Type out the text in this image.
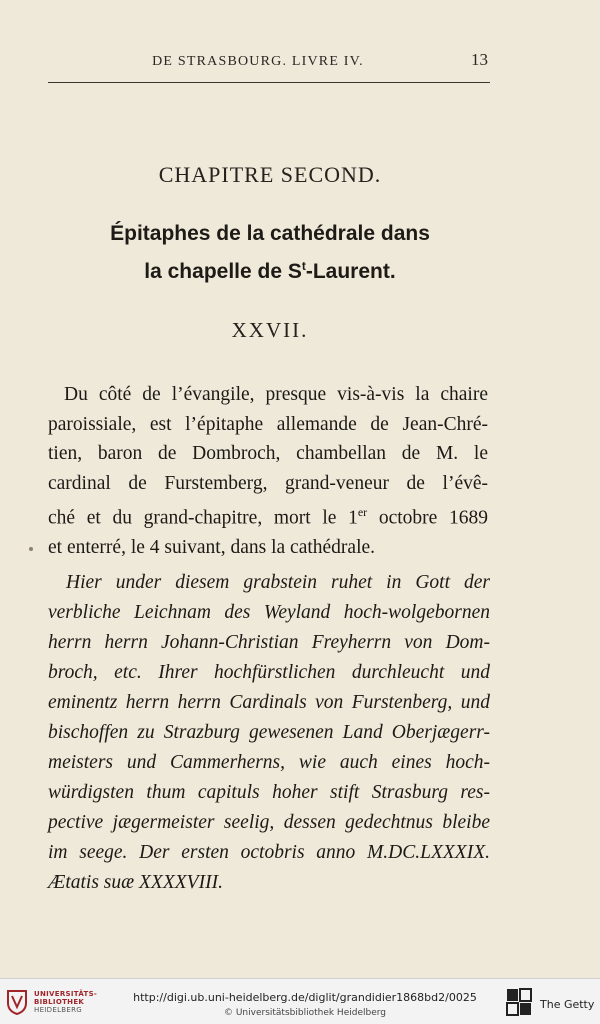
DE STRASBOURG. LIVRE IV.	13
CHAPITRE SECOND.
Épitaphes de la cathédrale dans
la chapelle de $S^t$-Laurent.
XXVII.
Du côté de l’évangile, presque vis-à-vis la chaire
paroissiale, est l’épitaphe allemande de Jean-Chré-
tien, baron de Dombroch, chambellan de M. le
cardinal de Furstemberg, grand-veneur de l’évê-
ché et du grand-chapitre, mort le 1er octobre 1689
et enterré, le 4 suivant, dans la cathédrale.
Hier under diesem grabstein ruhet in Gott der
verbliche Leichnam des Weyland hoch-wolgebornen
herrn herrn Johann-Christian Freyherrn von Dom-
broch, etc. Ihrer hochfürstlichen durchleucht und
eminentz herrn herrn Cardinals von Furstenberg, und
bischoffen zu Strazburg gewesenen Land Oberjægerr-
meisters und Cammerherns, wie auch eines hoch-
würdigsten thum capituls hoher stift Strasburg res-
pective jægermeister seelig, dessen gedechtnus bleibe
im seege. Der ersten octobris anno M.DC.LXXXIX.
Ætatis suæ XXXXVIII.
UNIVERSITÄTS-
BIBLIOTHEK
HEIDELBERG
http://digi.ub.uni-heidelberg.de/diglit/grandidier1868bd2/0025
© Universitätsbibliothek Heidelberg
The Getty
